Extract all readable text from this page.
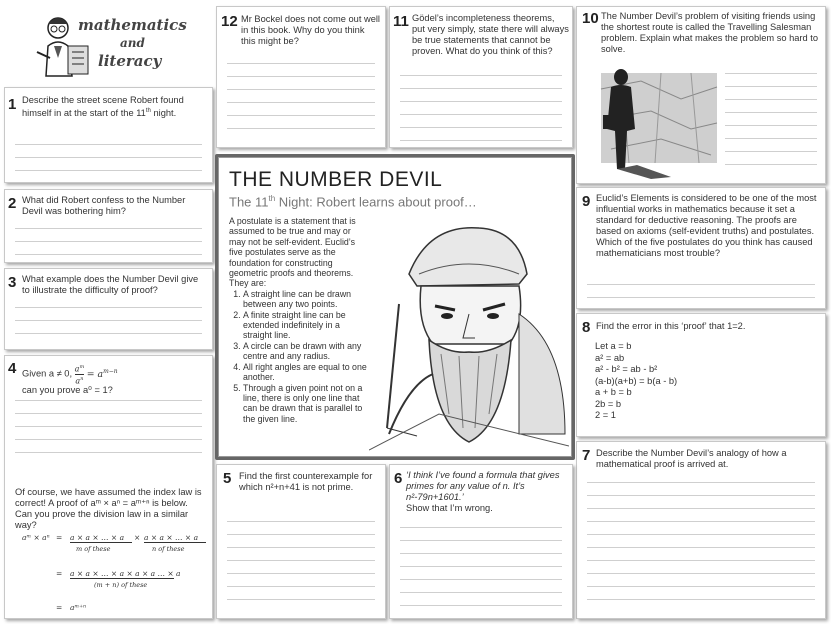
mathematics
and
literacy
1 Describe the street scene Robert found himself in at the start of the 11th night.
2 What did Robert confess to the Number Devil was bothering him?
3 What example does the Number Devil give to illustrate the difficulty of proof?
4 Given a ≠ 0, $\frac{a^m}{a^n} = a^{m-n}$
can you prove a⁰ = 1?
Of course, we have assumed the index law is correct! A proof of aᵐ × aⁿ = aᵐ⁺ⁿ is below. Can you prove the division law in a similar way?
aᵐ × aⁿ = a × a × … × a
m of these
× a × a × … × a
n of these
= a × a × … × a × a × a … × a
(m + n) of these
= aᵐ⁺ⁿ
12 Mr Bockel does not come out well in this book. Why do you think this might be?
11 Gödel’s incompleteness theorems, put very simply, state there will always be true statements that cannot be proven. What do you think of this?
10 The Number Devil’s problem of visiting friends using the shortest route is called the Travelling Salesman problem. Explain what makes the problem so hard to solve.
THE NUMBER DEVIL
The 11th Night: Robert learns about proof…
A postulate is a statement that is assumed to be true and may or may not be self-evident. Euclid’s five postulates serve as the foundation for constructing geometric proofs and theorems. They are:
1. A straight line can be drawn between any two points.
2. A finite straight line can be extended indefinitely in a straight line.
3. A circle can be drawn with any centre and any radius.
4. All right angles are equal to one another.
5. Through a given point not on a line, there is only one line that can be drawn that is parallel to the given line.
9 Euclid’s Elements is considered to be one of the most influential works in mathematics because it set a standard for deductive reasoning. The proofs are based on axioms (self-evident truths) and postulates. Which of the five postulates do you think has caused mathematicians most trouble?
8 Find the error in this ‘proof’ that 1=2.
Let a = b
a² = ab
a² - b² = ab - b²
(a-b)(a+b) = b(a - b)
a + b = b
2b = b
2 = 1
7 Describe the Number Devil’s analogy of how a mathematical proof is arrived at.
5 Find the first counterexample for which n²+n+41 is not prime.	6 ‘I think I’ve found a formula that gives primes for any value of n. It’s n²-79n+1601.’
Show that I’m wrong.
